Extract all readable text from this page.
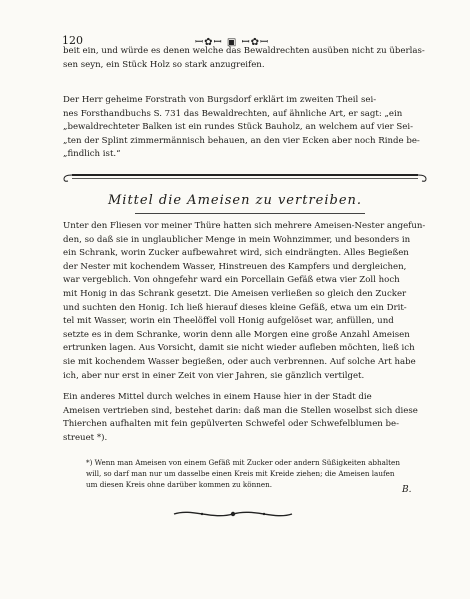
120	ꟷ✿ꟷ ▣ ꟷ✿ꟷ
beit ein, und würde es denen welche das Bewaldrechten ausüben nicht zu überlas-
sen seyn, ein Stück Holz so stark anzugreifen.
Der Herr geheime Forstrath von Burgsdorf erklärt im zweiten Theil sei-
nes Forsthandbuchs S. 731 das Bewaldrechten, auf ähnliche Art, er sagt: „ein
„bewaldrechteter Balken ist ein rundes Stück Bauholz, an welchem auf vier Sei-
„ten der Splint zimmermännisch behauen, an den vier Ecken aber noch Rinde be-
„findlich ist.“
Mittel die Ameisen zu vertreiben.
Unter den Fliesen vor meiner Thüre hatten sich mehrere Ameisen-Nester angefun-
den, so daß sie in unglaublicher Menge in mein Wohnzimmer, und besonders in
ein Schrank, worin Zucker aufbewahret wird, sich eindrängten. Alles Begießen
der Nester mit kochendem Wasser, Hinstreuen des Kampfers und dergleichen,
war vergeblich. Von ohngefehr ward ein Porcellain Gefäß etwa vier Zoll hoch
mit Honig in das Schrank gesetzt. Die Ameisen verließen so gleich den Zucker
und suchten den Honig. Ich ließ hierauf dieses kleine Gefäß, etwa um ein Drit-
tel mit Wasser, worin ein Theelöffel voll Honig aufgelöset war, anfüllen, und
setzte es in dem Schranke, worin denn alle Morgen eine große Anzahl Ameisen
ertrunken lagen. Aus Vorsicht, damit sie nicht wieder aufleben möchten, ließ ich
sie mit kochendem Wasser begießen, oder auch verbrennen. Auf solche Art habe
ich, aber nur erst in einer Zeit von vier Jahren, sie gänzlich vertilget.
Ein anderes Mittel durch welches in einem Hause hier in der Stadt die
Ameisen vertrieben sind, bestehet darin: daß man die Stellen woselbst sich diese
Thierchen aufhalten mit fein gepülverten Schwefel oder Schwefelblumen be-
streuet *).
*) Wenn man Ameisen von einem Gefäß mit Zucker oder andern Süßigkeiten abhalten
will, so darf man nur um dasselbe einen Kreis mit Kreide ziehen; die Ameisen laufen
um diesen Kreis ohne darüber kommen zu können.
B.
